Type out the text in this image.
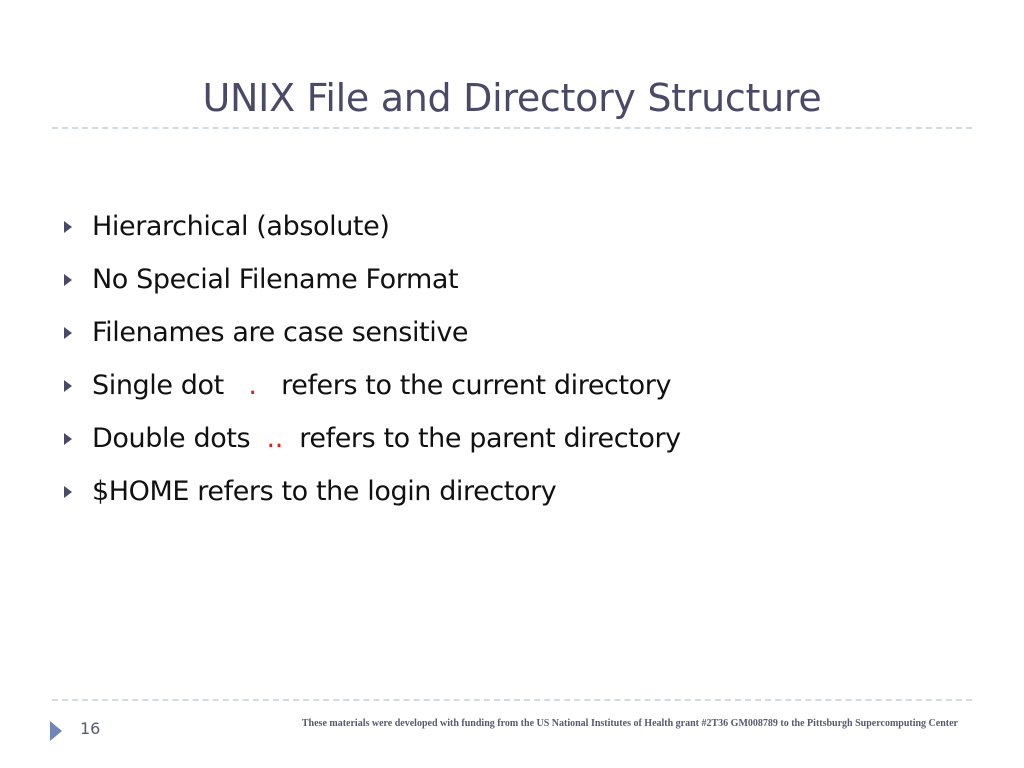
UNIX File and Directory Structure
Hierarchical (absolute)
No Special Filename Format
Filenames are case sensitive
Single dot   .   refers to the current directory
Double dots  ..  refers to the parent directory
$HOME refers to the login directory
16	These materials were developed with funding from the US National Institutes of Health grant #2T36 GM008789 to the Pittsburgh Supercomputing Center
